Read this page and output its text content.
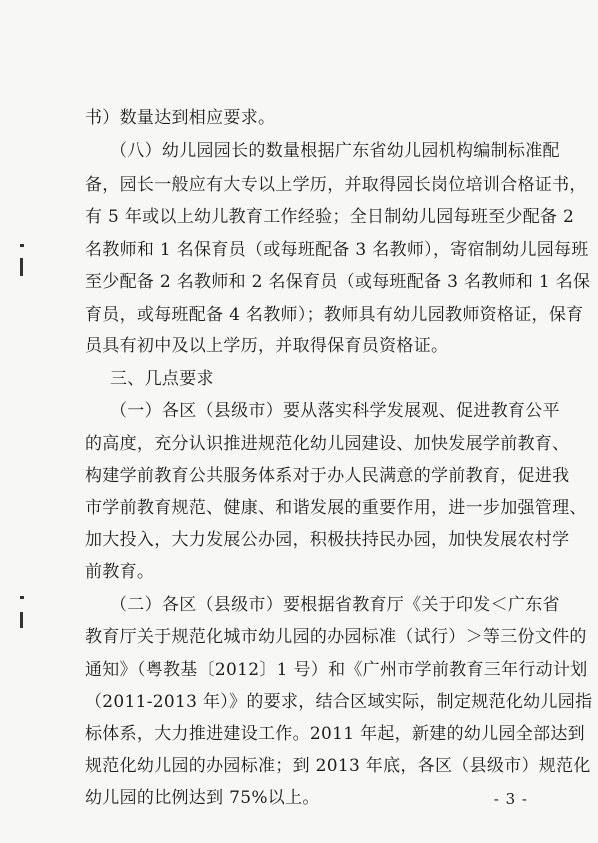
书）数量达到相应要求。
（八）幼儿园园长的数量根据广东省幼儿园机构编制标准配
备，园长一般应有大专以上学历，并取得园长岗位培训合格证书，
有 5 年或以上幼儿教育工作经验；全日制幼儿园每班至少配备 2
名教师和 1 名保育员（或每班配备 3 名教师），寄宿制幼儿园每班
至少配备 2 名教师和 2 名保育员（或每班配备 3 名教师和 1 名保
育员，或每班配备 4 名教师）；教师具有幼儿园教师资格证，保育
员具有初中及以上学历，并取得保育员资格证。
三、几点要求
（一）各区（县级市）要从落实科学发展观、促进教育公平
的高度，充分认识推进规范化幼儿园建设、加快发展学前教育、
构建学前教育公共服务体系对于办人民满意的学前教育，促进我
市学前教育规范、健康、和谐发展的重要作用，进一步加强管理、
加大投入，大力发展公办园，积极扶持民办园，加快发展农村学
前教育。
（二）各区（县级市）要根据省教育厅《关于印发＜广东省
教育厅关于规范化城市幼儿园的办园标准（试行）＞等三份文件的
通知》（粤教基〔2012〕1 号）和《广州市学前教育三年行动计划
（2011-2013 年）》的要求，结合区域实际，制定规范化幼儿园指
标体系，大力推进建设工作。2011 年起，新建的幼儿园全部达到
规范化幼儿园的办园标准；到 2013 年底，各区（县级市）规范化
幼儿园的比例达到 75%以上。	- 3 -
